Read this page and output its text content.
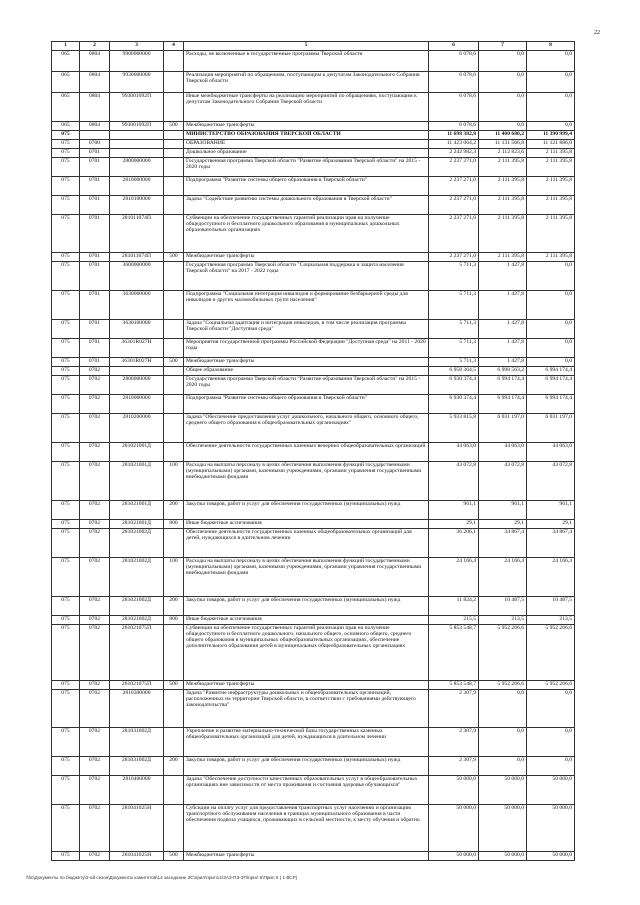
22
1	2	3	4	5	6	7	8
065	0804	9900000000		Расходы, не включенные в государственные программы Тверской области	6 078,6	0,0	0,0
065	0804	9930000000		Реализация мероприятий по обращениям, поступающим к депутатам Законодательного Собрания Тверской области	6 078,6	0,0	0,0
065	0804	993001092П		Иные межбюджетные трансферты на реализацию мероприятий по обращениям, поступающим к депутатам Законодательного Собрания Тверской области	6 078,6	0,0	0,0
065	0804	993001092П	500	Межбюджетные трансферты	6 078,6	0,0	0,0
075				МИНИСТЕРСТВО ОБРАЗОВАНИЯ ТВЕРСКОЙ ОБЛАСТИ	11 698 382,8	11 400 680,2	11 390 999,4
075	0700			ОБРАЗОВАНИЕ	11 423 064,2	11 131 566,8	11 121 886,0
075	0701			Дошкольное образование	2 242 982,3	2 112 823,6	2 111 395,8
075	0701	2800000000		Государственная программа Тверской области "Развитие образования Тверской области" на 2015 - 2020 годы	2 237 271,0	2 111 395,8	2 111 395,8
075	0701	2810000000		Подпрограмма "Развитие системы общего образования в Тверской области"	2 237 271,0	2 111 395,8	2 111 395,8
075	0701	2810100000		Задача "Содействие развитию системы дошкольного образования в Тверской области"	2 237 271,0	2 111 395,8	2 111 395,8
075	0701	281011074П		Субвенции на обеспечение государственных гарантий реализации прав на получение общедоступного и бесплатного дошкольного образования в муниципальных дошкольных образовательных организациях	2 237 271,0	2 111 395,8	2 111 395,8
075	0701	281011074П	500	Межбюджетные трансферты	2 237 271,0	2 111 395,8	2 111 395,8
075	0701	3600000000		Государственная программа Тверской области "Социальная поддержка и защита населения Тверской области" на 2017 - 2022 годы	5 711,3	1 427,8	0,0
075	0701	3630000000		Подпрограмма "Социальная интеграция инвалидов и формирование безбарьерной среды для инвалидов и других маломобильных групп населения"	5 711,3	1 427,8	0,0
075	0701	3630100000		Задача "Социальная адаптация и интеграция инвалидов, в том числе реализация программы Тверской области "Доступная среда"	5 711,3	1 427,8	0,0
075	0701	36301R027Н		Мероприятия государственной программы Российской Федерации "Доступная среда" на 2011 - 2020 годы	5 711,3	1 427,8	0,0
075	0701	36301R027Н	500	Межбюджетные трансферты	5 711,3	1 427,8	0,0
075	0702			Общее образование	6 958 364,5	6 998 563,2	6 994 174,4
075	0702	2800000000		Государственная программа Тверской области "Развитие образования Тверской области" на 2015 - 2020 годы	6 930 374,4	6 994 174,4	6 994 174,4
075	0702	2810000000		Подпрограмма "Развитие системы общего образования в Тверской области"	6 930 374,4	6 994 174,4	6 994 174,4
075	0702	2810200000		Задача "Обеспечение предоставления услуг дошкольного, начального общего, основного общего, среднего общего образования в общеобразовательных организациях"	5 933 815,8	6 031 197,0	6 031 197,0
075	0702	281021001Д		Обеспечение деятельности государственных казенных вечерних общеобразовательных организаций	44 063,0	44 063,0	44 063,0
075	0702	281021001Д	100	Расходы на выплаты персоналу в целях обеспечения выполнения функций государственными (муниципальными) органами, казенными учреждениями, органами управления государственными внебюджетными фондами	43 072,8	43 072,8	43 072,8
075	0702	281021001Д	200	Закупка товаров, работ и услуг для обеспечения государственных (муниципальных) нужд	961,1	961,1	961,1
075	0702	281021001Д	800	Иные бюджетные ассигнования	29,1	29,1	29,1
075	0702	281021002Д		Обеспечение деятельности государственных казенных общеобразовательных организаций для детей, нуждающихся в длительном лечении	36 206,1	34 867,4	34 867,4
075	0702	281021002Д	100	Расходы на выплаты персоналу в целях обеспечения выполнения функций государственными (муниципальными) органами, казенными учреждениями, органами управления государственными внебюджетными фондами	24 166,4	24 166,4	24 166,4
075	0702	281021002Д	200	Закупка товаров, работ и услуг для обеспечения государственных (муниципальных) нужд	11 824,2	10 487,5	10 487,5
075	0702	281021002Д	800	Иные бюджетные ассигнования	215,5	213,5	213,5
075	0702	281021075П		Субвенции на обеспечение государственных гарантий реализации прав на получение общедоступного и бесплатного дошкольного, начального общего, основного общего, среднего общего образования в муниципальных общеобразовательных организациях, обеспечение дополнительного образования детей в муниципальных общеобразовательных организациях	5 853 548,7	5 952 266,6	5 952 266,6
075	0702	281021075П	500	Межбюджетные трансферты	5 853 548,7	5 952 266,6	5 952 266,6
075	0702	2810300000		Задача "Развитие инфраструктуры дошкольных и общеобразовательных организаций, расположенных на территории Тверской области, в соответствии с требованиями действующего законодательства"	2 307,9	0,0	0,0
075	0702	281031002Д		Укрепление и развитие материально-технической базы государственных казенных общеобразовательных организаций для детей, нуждающихся в длительном лечении	2 307,9	0,0	0,0
075	0702	281031002Д	200	Закупка товаров, работ и услуг для обеспечения государственных (муниципальных) нужд	2 307,9	0,0	0,0
075	0702	2810400000		Задача "Обеспечение доступности качественных образовательных услуг в общеобразовательных организациях вне зависимости от места проживания и состояния здоровья обучающихся"	50 000,0	50 000,0	50 000,0
075	0702	281041025Н		Субсидии на оплату услуг для предоставления транспортных услуг населению и организацию транспортного обслуживания населения в границах муниципального образования в части обеспечения подвоза учащихся, проживающих в сельской местности, к месту обучения и обратно	50 000,0	50 000,0	50 000,0
075	0702	281041025Н	500	Межбюджетные трансферты	50 000,0	50 000,0	50 000,0
\\fin\Документы по бюджету\2-ой сезон\Документы комитетов\14 заседание ЗС\прил\прил14\ЗАЗ-ПЗ-ЗП\прил 5\Прил 5 ( 1 ВСР)
